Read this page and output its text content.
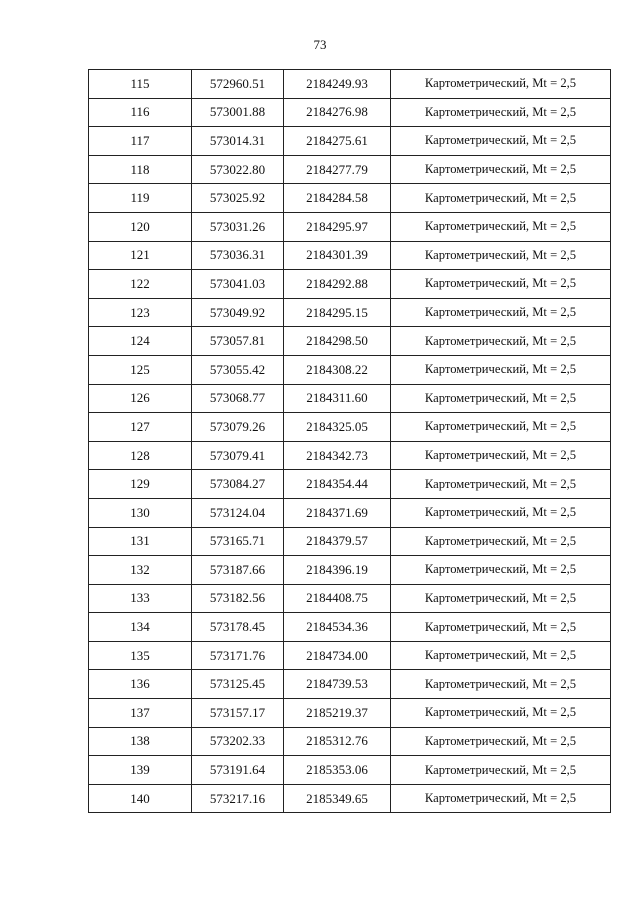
73
115	572960.51	2184249.93	Картометрический, Mt = 2,5
116	573001.88	2184276.98	Картометрический, Mt = 2,5
117	573014.31	2184275.61	Картометрический, Mt = 2,5
118	573022.80	2184277.79	Картометрический, Mt = 2,5
119	573025.92	2184284.58	Картометрический, Mt = 2,5
120	573031.26	2184295.97	Картометрический, Mt = 2,5
121	573036.31	2184301.39	Картометрический, Mt = 2,5
122	573041.03	2184292.88	Картометрический, Mt = 2,5
123	573049.92	2184295.15	Картометрический, Mt = 2,5
124	573057.81	2184298.50	Картометрический, Mt = 2,5
125	573055.42	2184308.22	Картометрический, Mt = 2,5
126	573068.77	2184311.60	Картометрический, Mt = 2,5
127	573079.26	2184325.05	Картометрический, Mt = 2,5
128	573079.41	2184342.73	Картометрический, Mt = 2,5
129	573084.27	2184354.44	Картометрический, Mt = 2,5
130	573124.04	2184371.69	Картометрический, Mt = 2,5
131	573165.71	2184379.57	Картометрический, Mt = 2,5
132	573187.66	2184396.19	Картометрический, Mt = 2,5
133	573182.56	2184408.75	Картометрический, Mt = 2,5
134	573178.45	2184534.36	Картометрический, Mt = 2,5
135	573171.76	2184734.00	Картометрический, Mt = 2,5
136	573125.45	2184739.53	Картометрический, Mt = 2,5
137	573157.17	2185219.37	Картометрический, Mt = 2,5
138	573202.33	2185312.76	Картометрический, Mt = 2,5
139	573191.64	2185353.06	Картометрический, Mt = 2,5
140	573217.16	2185349.65	Картометрический, Mt = 2,5
